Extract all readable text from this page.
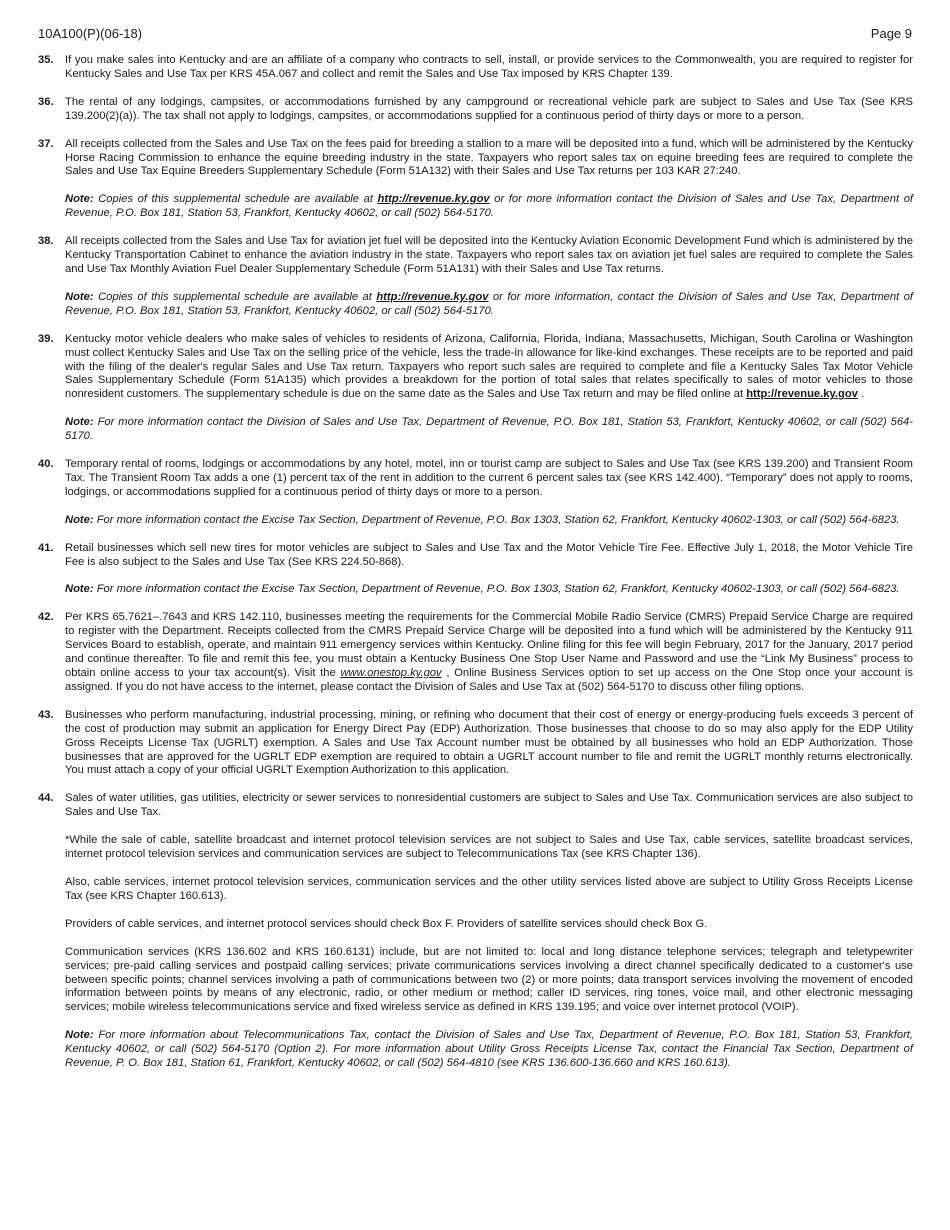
10A100(P)(06-18)	Page 9
35. If you make sales into Kentucky and are an affiliate of a company who contracts to sell, install, or provide services to the Commonwealth, you are required to register for Kentucky Sales and Use Tax per KRS 45A.067 and collect and remit the Sales and Use Tax imposed by KRS Chapter 139.

36. The rental of any lodgings, campsites, or accommodations furnished by any campground or recreational vehicle park are subject to Sales and Use Tax (See KRS 139.200(2)(a)). The tax shall not apply to lodgings, campsites, or accommodations supplied for a continuous period of thirty days or more to a person.

37. All receipts collected from the Sales and Use Tax on the fees paid for breeding a stallion to a mare will be deposited into a fund, which will be administered by the Kentucky Horse Racing Commission to enhance the equine breeding industry in the state. Taxpayers who report sales tax on equine breeding fees are required to complete the Sales and Use Tax Equine Breeders Supplementary Schedule (Form 51A132) with their Sales and Use Tax returns per 103 KAR 27:240.

Note: Copies of this supplemental schedule are available at http://revenue.ky.gov or for more information contact the Division of Sales and Use Tax, Department of Revenue, P.O. Box 181, Station 53, Frankfort, Kentucky 40602, or call (502) 564-5170.

38. All receipts collected from the Sales and Use Tax for aviation jet fuel will be deposited into the Kentucky Aviation Economic Development Fund which is administered by the Kentucky Transportation Cabinet to enhance the aviation industry in the state. Taxpayers who report sales tax on aviation jet fuel sales are required to complete the Sales and Use Tax Monthly Aviation Fuel Dealer Supplementary Schedule (Form 51A131) with their Sales and Use Tax returns.

Note: Copies of this supplemental schedule are available at http://revenue.ky.gov or for more information, contact the Division of Sales and Use Tax, Department of Revenue, P.O. Box 181, Station 53, Frankfort, Kentucky 40602, or call (502) 564-5170.

39. Kentucky motor vehicle dealers who make sales of vehicles to residents of Arizona, California, Florida, Indiana, Massachusetts, Michigan, South Carolina or Washington must collect Kentucky Sales and Use Tax on the selling price of the vehicle, less the trade-in allowance for like-kind exchanges. These receipts are to be reported and paid with the filing of the dealer's regular Sales and Use Tax return. Taxpayers who report such sales are required to complete and file a Kentucky Sales Tax Motor Vehicle Sales Supplementary Schedule (Form 51A135) which provides a breakdown for the portion of total sales that relates specifically to sales of motor vehicles to those nonresident customers. The supplementary schedule is due on the same date as the Sales and Use Tax return and may be filed online at http://revenue.ky.gov .

Note: For more information contact the Division of Sales and Use Tax, Department of Revenue, P.O. Box 181, Station 53, Frankfort, Kentucky 40602, or call (502) 564-5170.

40. Temporary rental of rooms, lodgings or accommodations by any hotel, motel, inn or tourist camp are subject to Sales and Use Tax (see KRS 139.200) and Transient Room Tax. The Transient Room Tax adds a one (1) percent tax of the rent in addition to the current 6 percent sales tax (see KRS 142.400). “Temporary” does not apply to rooms, lodgings, or accommodations supplied for a continuous period of thirty days or more to a person.

Note: For more information contact the Excise Tax Section, Department of Revenue, P.O. Box 1303, Station 62, Frankfort, Kentucky 40602-1303, or call (502) 564-6823.

41. Retail businesses which sell new tires for motor vehicles are subject to Sales and Use Tax and the Motor Vehicle Tire Fee. Effective July 1, 2018, the Motor Vehicle Tire Fee is also subject to the Sales and Use Tax (See KRS 224.50-868).

Note: For more information contact the Excise Tax Section, Department of Revenue, P.O. Box 1303, Station 62, Frankfort, Kentucky 40602-1303, or call (502) 564-6823.

42. Per KRS 65.7621–.7643 and KRS 142.110, businesses meeting the requirements for the Commercial Mobile Radio Service (CMRS) Prepaid Service Charge are required to register with the Department. Receipts collected from the CMRS Prepaid Service Charge will be deposited into a fund which will be administered by the Kentucky 911 Services Board to establish, operate, and maintain 911 emergency services within Kentucky. Online filing for this fee will begin February, 2017 for the January, 2017 period and continue thereafter. To file and remit this fee, you must obtain a Kentucky Business One Stop User Name and Password and use the “Link My Business” process to obtain online access to your tax account(s). Visit the www.onestop.ky.gov , Online Business Services option to set up access on the One Stop once your account is assigned. If you do not have access to the internet, please contact the Division of Sales and Use Tax at (502) 564-5170 to discuss other filing options.

43. Businesses who perform manufacturing, industrial processing, mining, or refining who document that their cost of energy or energy-producing fuels exceeds 3 percent of the cost of production may submit an application for Energy Direct Pay (EDP) Authorization. Those businesses that choose to do so may also apply for the EDP Utility Gross Receipts License Tax (UGRLT) exemption. A Sales and Use Tax Account number must be obtained by all businesses who hold an EDP Authorization. Those businesses that are approved for the UGRLT EDP exemption are required to obtain a UGRLT account number to file and remit the UGRLT monthly returns electronically. You must attach a copy of your official UGRLT Exemption Authorization to this application.

44. Sales of water utilities, gas utilities, electricity or sewer services to nonresidential customers are subject to Sales and Use Tax. Communication services are also subject to Sales and Use Tax.

*While the sale of cable, satellite broadcast and internet protocol television services are not subject to Sales and Use Tax, cable services, satellite broadcast services, internet protocol television services and communication services are subject to Telecommunications Tax (see KRS Chapter 136).

Also, cable services, internet protocol television services, communication services and the other utility services listed above are subject to Utility Gross Receipts License Tax (see KRS Chapter 160.613).

Providers of cable services, and internet protocol services should check Box F. Providers of satellite services should check Box G.

Communication services (KRS 136.602 and KRS 160.6131) include, but are not limited to: local and long distance telephone services; telegraph and teletypewriter services; pre-paid calling services and postpaid calling services; private communications services involving a direct channel specifically dedicated to a customer's use between specific points; channel services involving a path of communications between two (2) or more points; data transport services involving the movement of encoded information between points by means of any electronic, radio, or other medium or method; caller ID services, ring tones, voice mail, and other electronic messaging services; mobile wireless telecommunications service and fixed wireless service as defined in KRS 139.195; and voice over internet protocol (VOIP).

Note: For more information about Telecommunications Tax, contact the Division of Sales and Use Tax, Department of Revenue, P.O. Box 181, Station 53, Frankfort, Kentucky 40602, or call (502) 564-5170 (Option 2). For more information about Utility Gross Receipts License Tax, contact the Financial Tax Section, Department of Revenue, P. O. Box 181, Station 61, Frankfort, Kentucky 40602, or call (502) 564-4810 (see KRS 136.600-136.660 and KRS 160.613).
